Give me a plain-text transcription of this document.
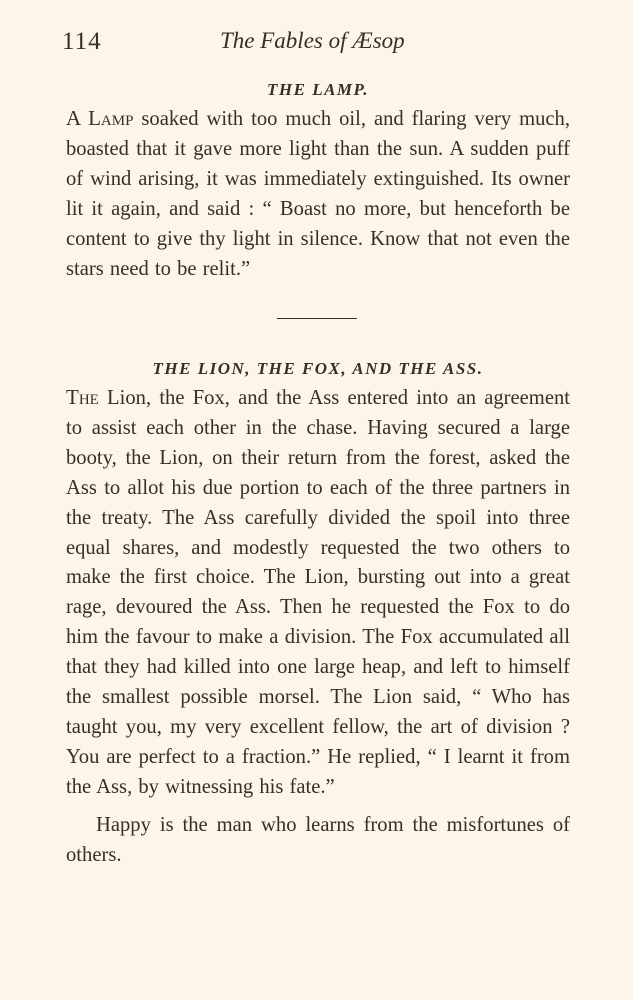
114	The Fables of Æsop
THE LAMP.

A Lamp soaked with too much oil, and flaring very much, boasted that it gave more light than the sun. A sudden puff of wind arising, it was immediately extinguished. Its owner lit it again, and said : “ Boast no more, but henceforth be content to give thy light in silence. Know that not even the stars need to be relit.”

THE LION, THE FOX, AND THE ASS.

The Lion, the Fox, and the Ass entered into an agreement to assist each other in the chase. Having secured a large booty, the Lion, on their return from the forest, asked the Ass to allot his due portion to each of the three partners in the treaty. The Ass carefully divided the spoil into three equal shares, and modestly requested the two others to make the first choice. The Lion, bursting out into a great rage, devoured the Ass. Then he requested the Fox to do him the favour to make a division. The Fox accumulated all that they had killed into one large heap, and left to himself the smallest possible morsel. The Lion said, “ Who has taught you, my very excellent fellow, the art of division ? You are perfect to a fraction.” He replied, “ I learnt it from the Ass, by witnessing his fate.”

Happy is the man who learns from the misfortunes of others.
